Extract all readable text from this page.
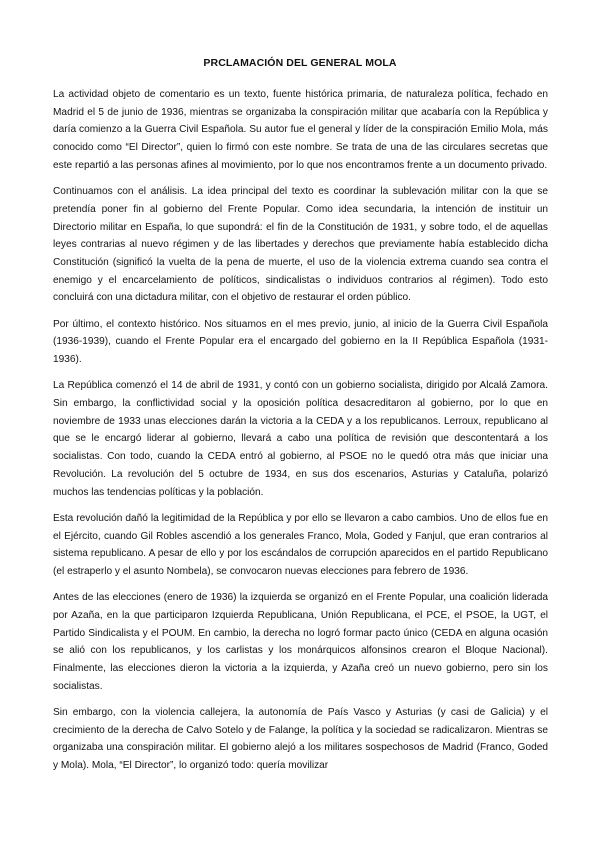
PRCLAMACIÓN DEL GENERAL MOLA

La actividad objeto de comentario es un texto, fuente histórica primaria, de naturaleza política, fechado en Madrid el 5 de junio de 1936, mientras se organizaba la conspiración militar que acabaría con la República y daría comienzo a la Guerra Civil Española. Su autor fue el general y líder de la conspiración Emilio Mola, más conocido como “El Director”, quien lo firmó con este nombre. Se trata de una de las circulares secretas que este repartió a las personas afines al movimiento, por lo que nos encontramos frente a un documento privado.

Continuamos con el análisis. La idea principal del texto es coordinar la sublevación militar con la que se pretendía poner fin al gobierno del Frente Popular. Como idea secundaria, la intención de instituir un Directorio militar en España, lo que supondrá: el fin de la Constitución de 1931, y sobre todo, el de aquellas leyes contrarias al nuevo régimen y de las libertades y derechos que previamente había establecido dicha Constitución (significó la vuelta de la pena de muerte, el uso de la violencia extrema cuando sea contra el enemigo y el encarcelamiento de políticos, sindicalistas o individuos contrarios al régimen). Todo esto concluirá con una dictadura militar, con el objetivo de restaurar el orden público.

Por último, el contexto histórico. Nos situamos en el mes previo, junio, al inicio de la Guerra Civil Española (1936-1939), cuando el Frente Popular era el encargado del gobierno en la II República Española (1931-1936).

La República comenzó el 14 de abril de 1931, y contó con un gobierno socialista, dirigido por Alcalá Zamora. Sin embargo, la conflictividad social y la oposición política desacreditaron al gobierno, por lo que en noviembre de 1933 unas elecciones darán la victoria a la CEDA y a los republicanos. Lerroux, republicano al que se le encargó liderar al gobierno, llevará a cabo una política de revisión que descontentará a los socialistas. Con todo, cuando la CEDA entró al gobierno, al PSOE no le quedó otra más que iniciar una Revolución. La revolución del 5 octubre de 1934, en sus dos escenarios, Asturias y Cataluña, polarizó muchos las tendencias políticas y la población.

Esta revolución dañó la legitimidad de la República y por ello se llevaron a cabo cambios. Uno de ellos fue en el Ejército, cuando Gil Robles ascendió a los generales Franco, Mola, Goded y Fanjul, que eran contrarios al sistema republicano. A pesar de ello y por los escándalos de corrupción aparecidos en el partido Republicano (el estraperlo y el asunto Nombela), se convocaron nuevas elecciones para febrero de 1936.

Antes de las elecciones (enero de 1936) la izquierda se organizó en el Frente Popular, una coalición liderada por Azaña, en la que participaron Izquierda Republicana, Unión Republicana, el PCE, el PSOE, la UGT, el Partido Sindicalista y el POUM. En cambio, la derecha no logró formar pacto único (CEDA en alguna ocasión se alió con los republicanos, y los carlistas y los monárquicos alfonsinos crearon el Bloque Nacional). Finalmente, las elecciones dieron la victoria a la izquierda, y Azaña creó un nuevo gobierno, pero sin los socialistas.

Sin embargo, con la violencia callejera, la autonomía de País Vasco y Asturias (y casi de Galicia) y el crecimiento de la derecha de Calvo Sotelo y de Falange, la política y la sociedad se radicalizaron. Mientras se organizaba una conspiración militar. El gobierno alejó a los militares sospechosos de Madrid (Franco, Goded y Mola). Mola, “El Director”, lo organizó todo: quería movilizar
